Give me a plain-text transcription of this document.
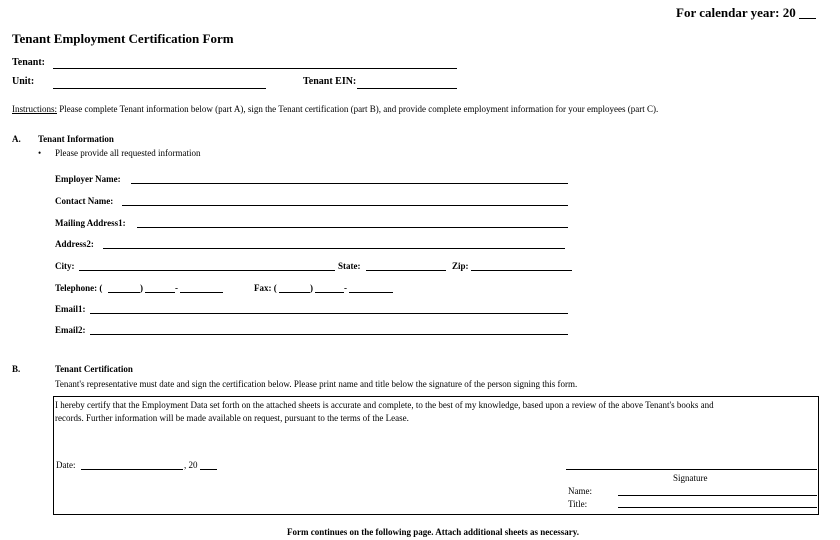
For calendar year: 20
Tenant Employment Certification Form
Tenant:
Unit:	Tenant EIN:
Instructions: Please complete Tenant information below (part A), sign the Tenant certification (part B), and provide complete employment information for your employees (part C).
A. Tenant Information
• Please provide all requested information
Employer Name:
Contact Name:
Mailing Address1:
Address2:
City:	State:	Zip:
Telephone: (	)	-	Fax: (	)	-
Email1:
Email2:
B.	Tenant Certification
Tenant's representative must date and sign the certification below. Please print name and title below the signature of the person signing this form.
I hereby certify that the Employment Data set forth on the attached sheets is accurate and complete, to the best of my knowledge, based upon a review of the above Tenant's books and
records. Further information will be made available on request, pursuant to the terms of the Lease.
Date:	, 20
Signature
Name:
Title:
Form continues on the following page. Attach additional sheets as necessary.
